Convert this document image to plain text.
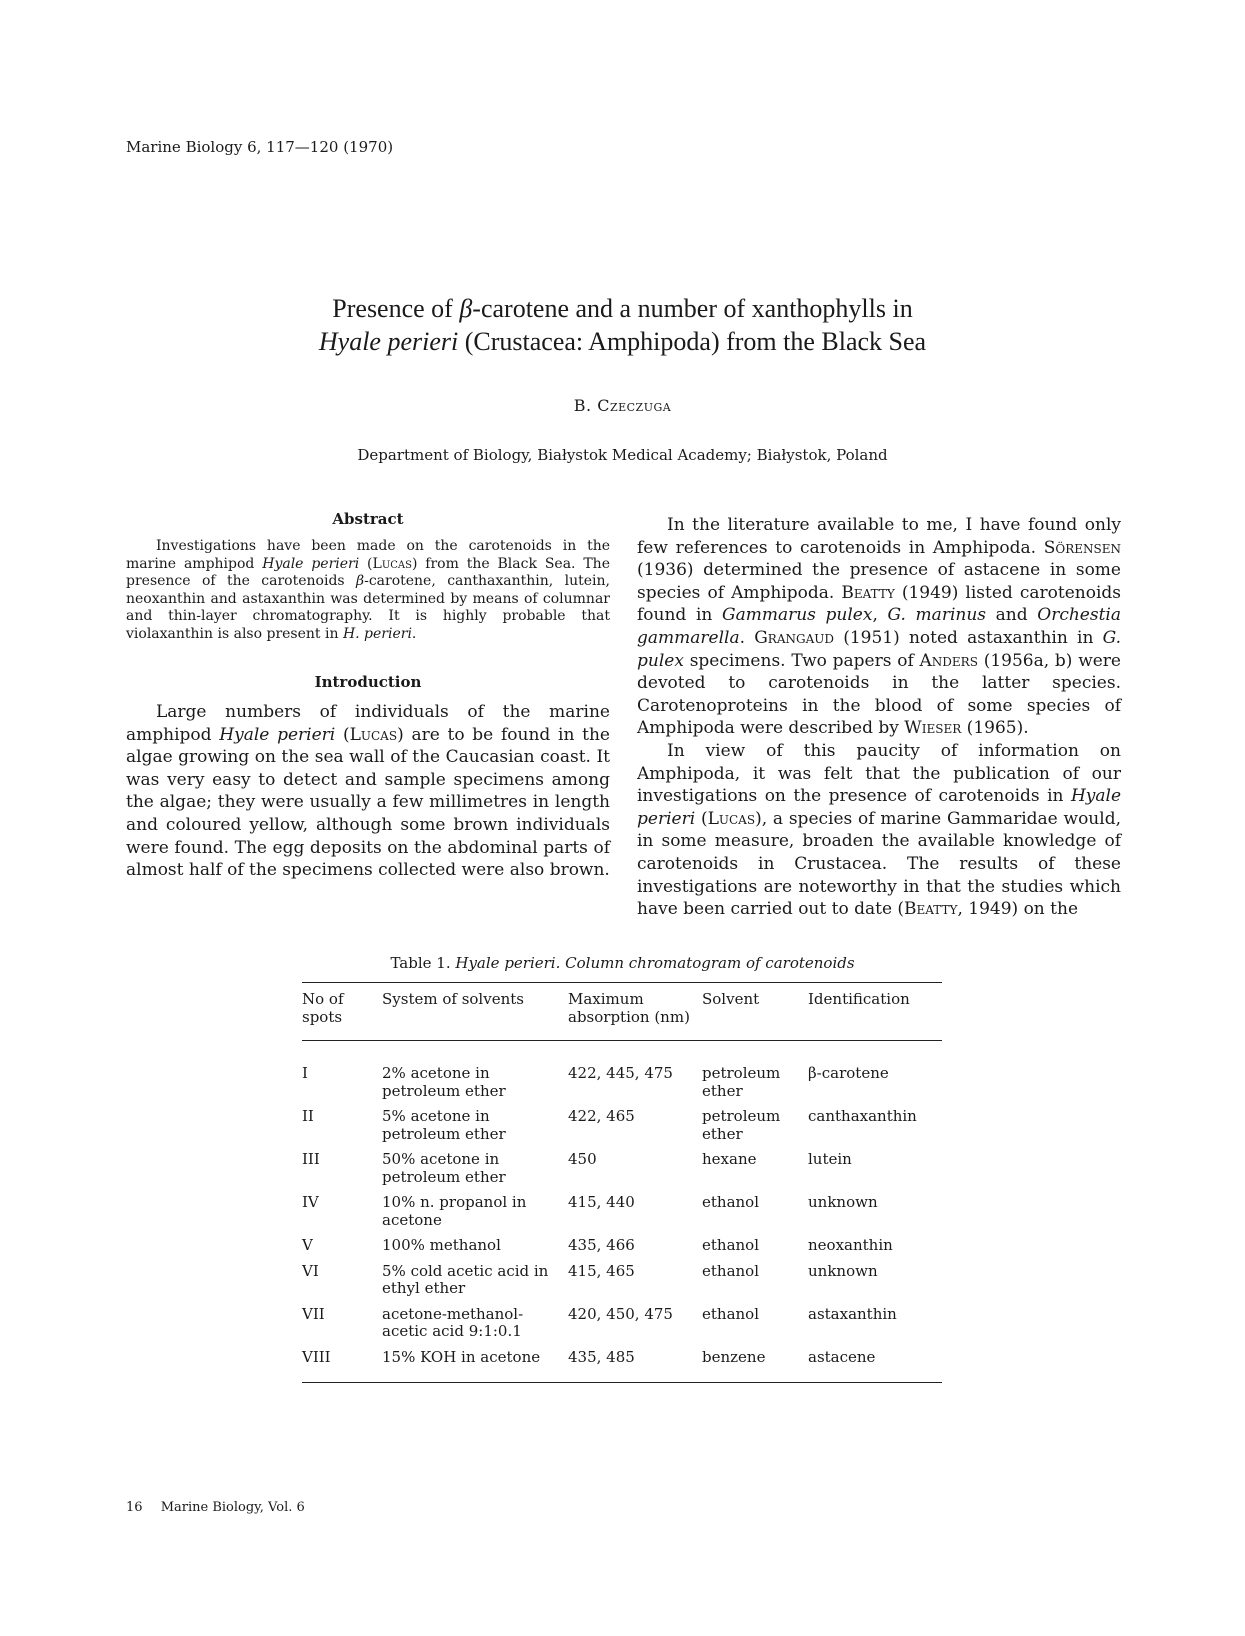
Marine Biology 6, 117—120 (1970)
Presence of β-carotene and a number of xanthophylls in
Hyale perieri (Crustacea: Amphipoda) from the Black Sea
B. Czeczuga
Department of Biology, Białystok Medical Academy; Białystok, Poland
Abstract

Investigations have been made on the carotenoids in the marine amphipod Hyale perieri (Lucas) from the Black Sea. The presence of the carotenoids β-carotene, canthaxanthin, lutein, neoxanthin and astaxanthin was determined by means of columnar and thin-layer chromatography. It is highly probable that violaxanthin is also present in H. perieri.

Introduction

Large numbers of individuals of the marine amphipod Hyale perieri (Lucas) are to be found in the algae growing on the sea wall of the Caucasian coast. It was very easy to detect and sample specimens among the algae; they were usually a few millimetres in length and coloured yellow, although some brown individuals were found. The egg deposits on the abdominal parts of almost half of the specimens collected were also brown.

In the literature available to me, I have found only few references to carotenoids in Amphipoda. Sörensen (1936) determined the presence of astacene in some species of Amphipoda. Beatty (1949) listed carotenoids found in Gammarus pulex, G. marinus and Orchestia gammarella. Grangaud (1951) noted astaxanthin in G. pulex specimens. Two papers of Anders (1956a, b) were devoted to carotenoids in the latter species. Carotenoproteins in the blood of some species of Amphipoda were described by Wieser (1965).

In view of this paucity of information on Amphipoda, it was felt that the publication of our investigations on the presence of carotenoids in Hyale perieri (Lucas), a species of marine Gammaridae would, in some measure, broaden the available knowledge of carotenoids in Crustacea. The results of these investigations are noteworthy in that the studies which have been carried out to date (Beatty, 1949) on the

Table 1. Hyale perieri. Column chromatogram of carotenoids
No of spots	System of solvents	Maximum absorption (nm)	Solvent	Identification

I	2% acetone in petroleum ether	422, 445, 475	petroleum ether	β-carotene
II	5% acetone in petroleum ether	422, 465	petroleum ether	canthaxanthin
III	50% acetone in petroleum ether	450	hexane	lutein
IV	10% n. propanol in acetone	415, 440	ethanol	unknown
V	100% methanol	435, 466	ethanol	neoxanthin
VI	5% cold acetic acid in ethyl ether	415, 465	ethanol	unknown
VII	acetone-methanol-acetic acid 9:1:0.1	420, 450, 475	ethanol	astaxanthin
VIII	15% KOH in acetone	435, 485	benzene	astacene
16 Marine Biology, Vol. 6
